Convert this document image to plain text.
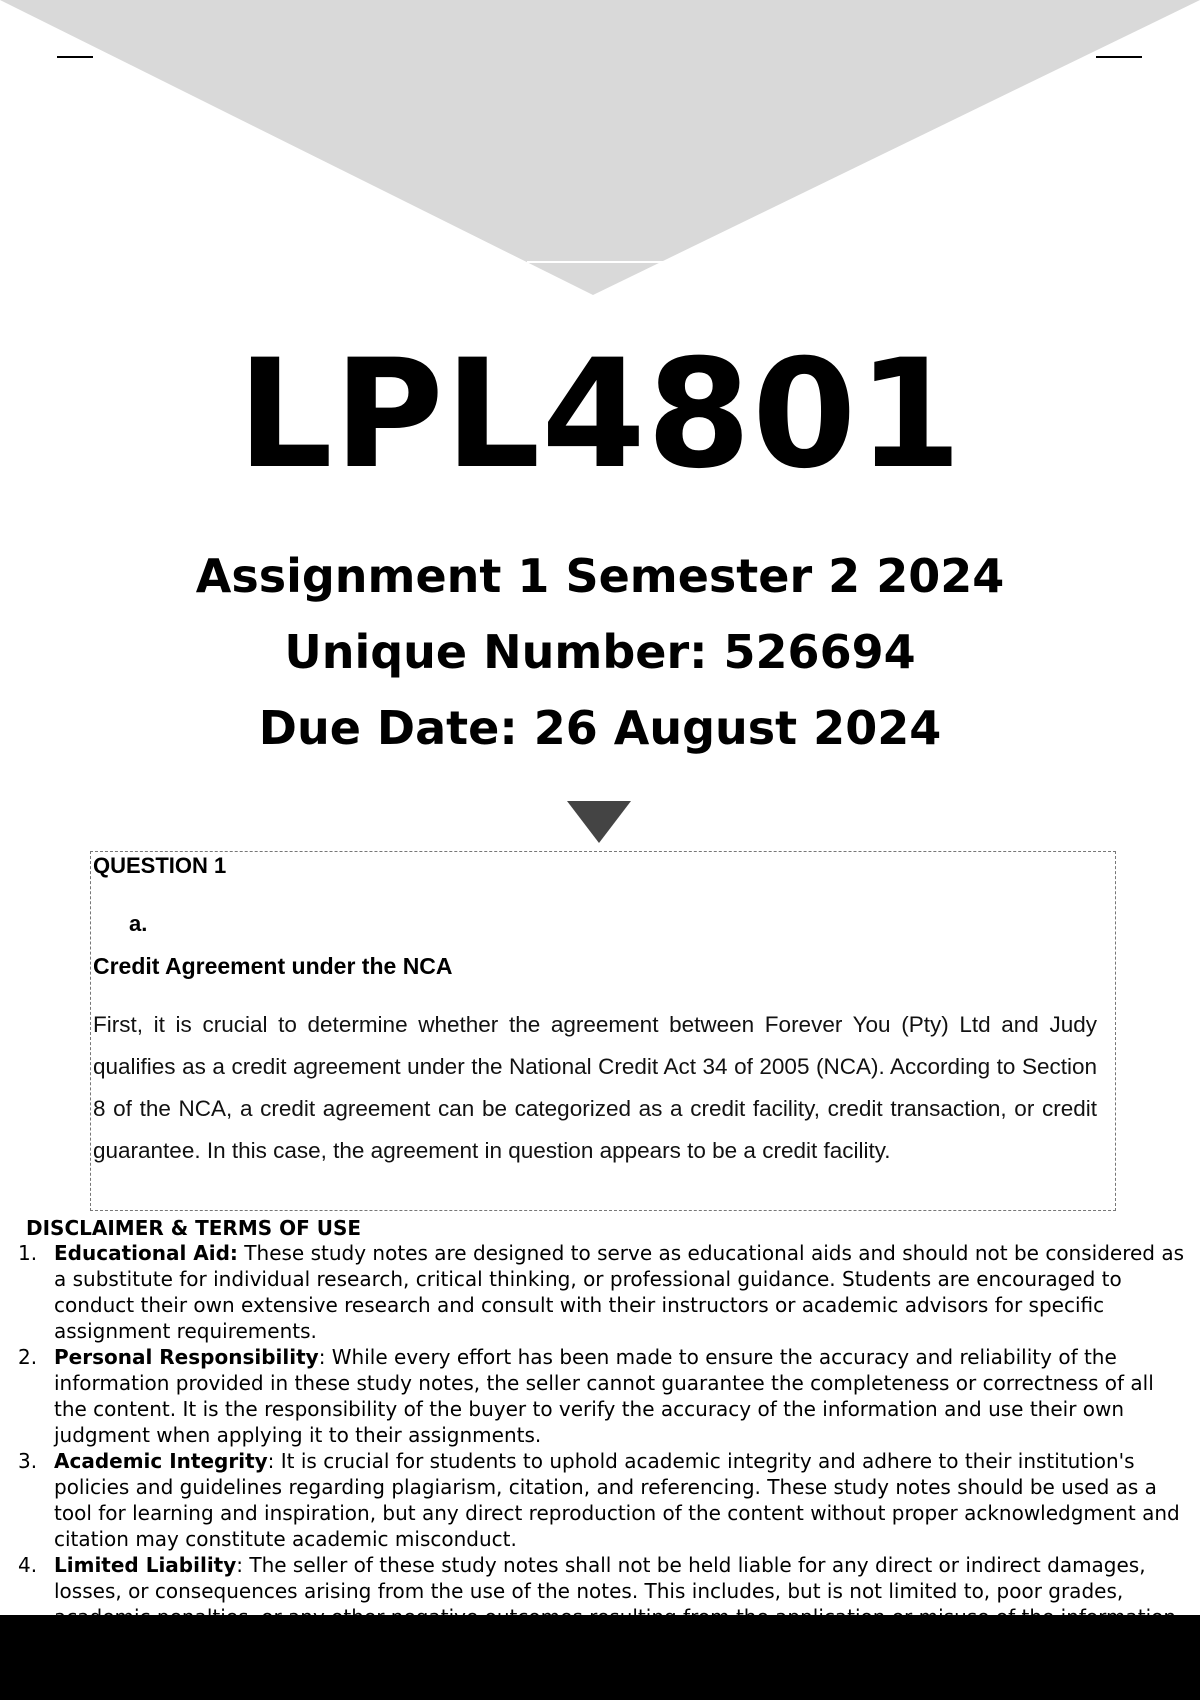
LPL4801
Assignment 1 Semester 2 2024
Unique Number: 526694
Due Date: 26 August 2024
QUESTION 1
a.
Credit Agreement under the NCA
First, it is crucial to determine whether the agreement between Forever You (Pty) Ltd and Judy qualifies as a credit agreement under the National Credit Act 34 of 2005 (NCA). According to Section 8 of the NCA, a credit agreement can be categorized as a credit facility, credit transaction, or credit guarantee. In this case, the agreement in question appears to be a credit facility.
DISCLAIMER & TERMS OF USE
1. Educational Aid: These study notes are designed to serve as educational aids and should not be considered as a substitute for individual research, critical thinking, or professional guidance. Students are encouraged to conduct their own extensive research and consult with their instructors or academic advisors for specific assignment requirements.
2. Personal Responsibility: While every effort has been made to ensure the accuracy and reliability of the information provided in these study notes, the seller cannot guarantee the completeness or correctness of all the content. It is the responsibility of the buyer to verify the accuracy of the information and use their own judgment when applying it to their assignments.
3. Academic Integrity: It is crucial for students to uphold academic integrity and adhere to their institution's policies and guidelines regarding plagiarism, citation, and referencing. These study notes should be used as a tool for learning and inspiration, but any direct reproduction of the content without proper acknowledgment and citation may constitute academic misconduct.
4. Limited Liability: The seller of these study notes shall not be held liable for any direct or indirect damages, losses, or consequences arising from the use of the notes. This includes, but is not limited to, poor grades,
